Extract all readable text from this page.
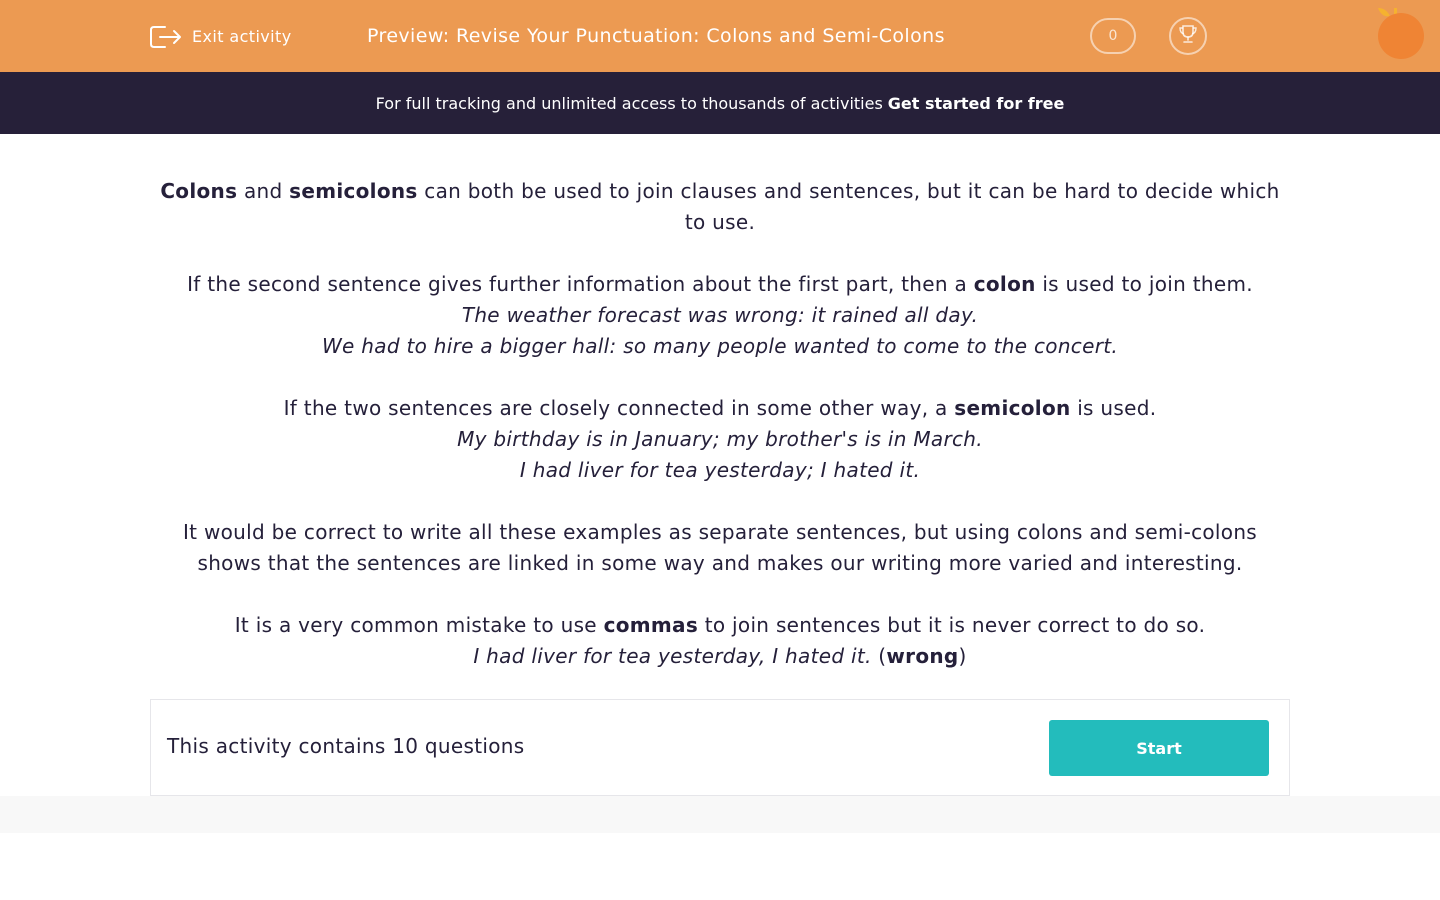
Exit activity	Preview: Revise Your Punctuation: Colons and Semi-Colons	0
For full tracking and unlimited access to thousands of activities Get started for free

Colons and semicolons can both be used to join clauses and sentences, but it can be hard to decide which to use.

If the second sentence gives further information about the first part, then a colon is used to join them.

The weather forecast was wrong: it rained all day.

We had to hire a bigger hall: so many people wanted to come to the concert.

If the two sentences are closely connected in some other way, a semicolon is used.

My birthday is in January; my brother's is in March.

I had liver for tea yesterday; I hated it.

It would be correct to write all these examples as separate sentences, but using colons and semi-colons shows that the sentences are linked in some way and makes our writing more varied and interesting.

It is a very common mistake to use commas to join sentences but it is never correct to do so.

I had liver for tea yesterday, I hated it. (wrong)

This activity contains 10 questions	Start
